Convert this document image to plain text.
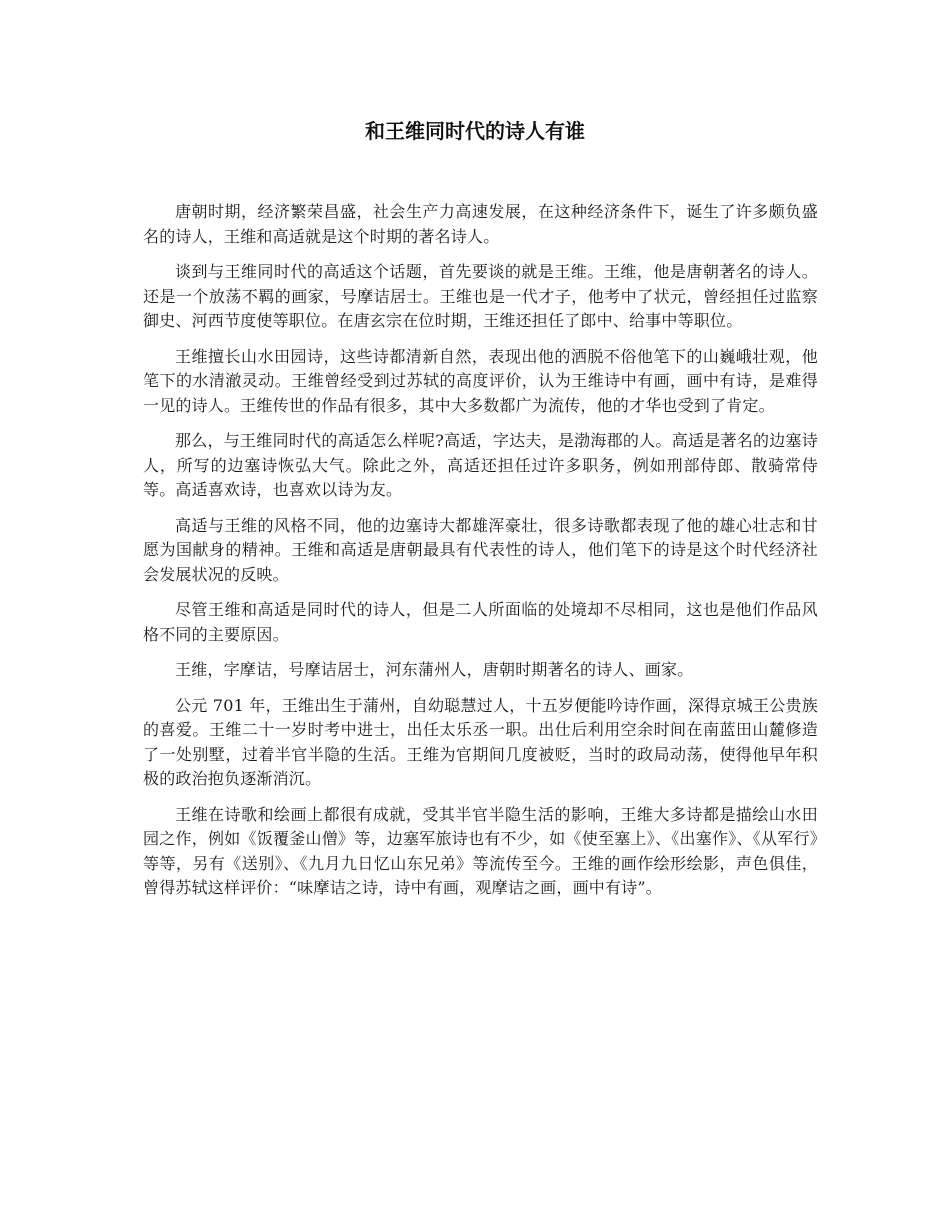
和王维同时代的诗人有谁

唐朝时期，经济繁荣昌盛，社会生产力高速发展，在这种经济条件下，诞生了许多颇负盛名的诗人，王维和高适就是这个时期的著名诗人。

谈到与王维同时代的高适这个话题，首先要谈的就是王维。王维，他是唐朝著名的诗人。还是一个放荡不羁的画家，号摩诘居士。王维也是一代才子，他考中了状元，曾经担任过监察御史、河西节度使等职位。在唐玄宗在位时期，王维还担任了郎中、给事中等职位。

王维擅长山水田园诗，这些诗都清新自然，表现出他的洒脱不俗他笔下的山巍峨壮观，他笔下的水清澈灵动。王维曾经受到过苏轼的高度评价，认为王维诗中有画，画中有诗，是难得一见的诗人。王维传世的作品有很多，其中大多数都广为流传，他的才华也受到了肯定。

那么，与王维同时代的高适怎么样呢?高适，字达夫，是渤海郡的人。高适是著名的边塞诗人，所写的边塞诗恢弘大气。除此之外，高适还担任过许多职务，例如刑部侍郎、散骑常侍等。高适喜欢诗，也喜欢以诗为友。

高适与王维的风格不同，他的边塞诗大都雄浑豪壮，很多诗歌都表现了他的雄心壮志和甘愿为国献身的精神。王维和高适是唐朝最具有代表性的诗人，他们笔下的诗是这个时代经济社会发展状况的反映。

尽管王维和高适是同时代的诗人，但是二人所面临的处境却不尽相同，这也是他们作品风格不同的主要原因。

王维，字摩诘，号摩诘居士，河东蒲州人，唐朝时期著名的诗人、画家。

公元 701 年，王维出生于蒲州，自幼聪慧过人，十五岁便能吟诗作画，深得京城王公贵族的喜爱。王维二十一岁时考中进士，出任太乐丞一职。出仕后利用空余时间在南蓝田山麓修造了一处别墅，过着半官半隐的生活。王维为官期间几度被贬，当时的政局动荡，使得他早年积极的政治抱负逐渐消沉。

王维在诗歌和绘画上都很有成就，受其半官半隐生活的影响，王维大多诗都是描绘山水田园之作，例如《饭覆釜山僧》等，边塞军旅诗也有不少，如《使至塞上》、《出塞作》、《从军行》等等，另有《送别》、《九月九日忆山东兄弟》等流传至今。王维的画作绘形绘影，声色俱佳，曾得苏轼这样评价：“味摩诘之诗，诗中有画，观摩诘之画，画中有诗”。
